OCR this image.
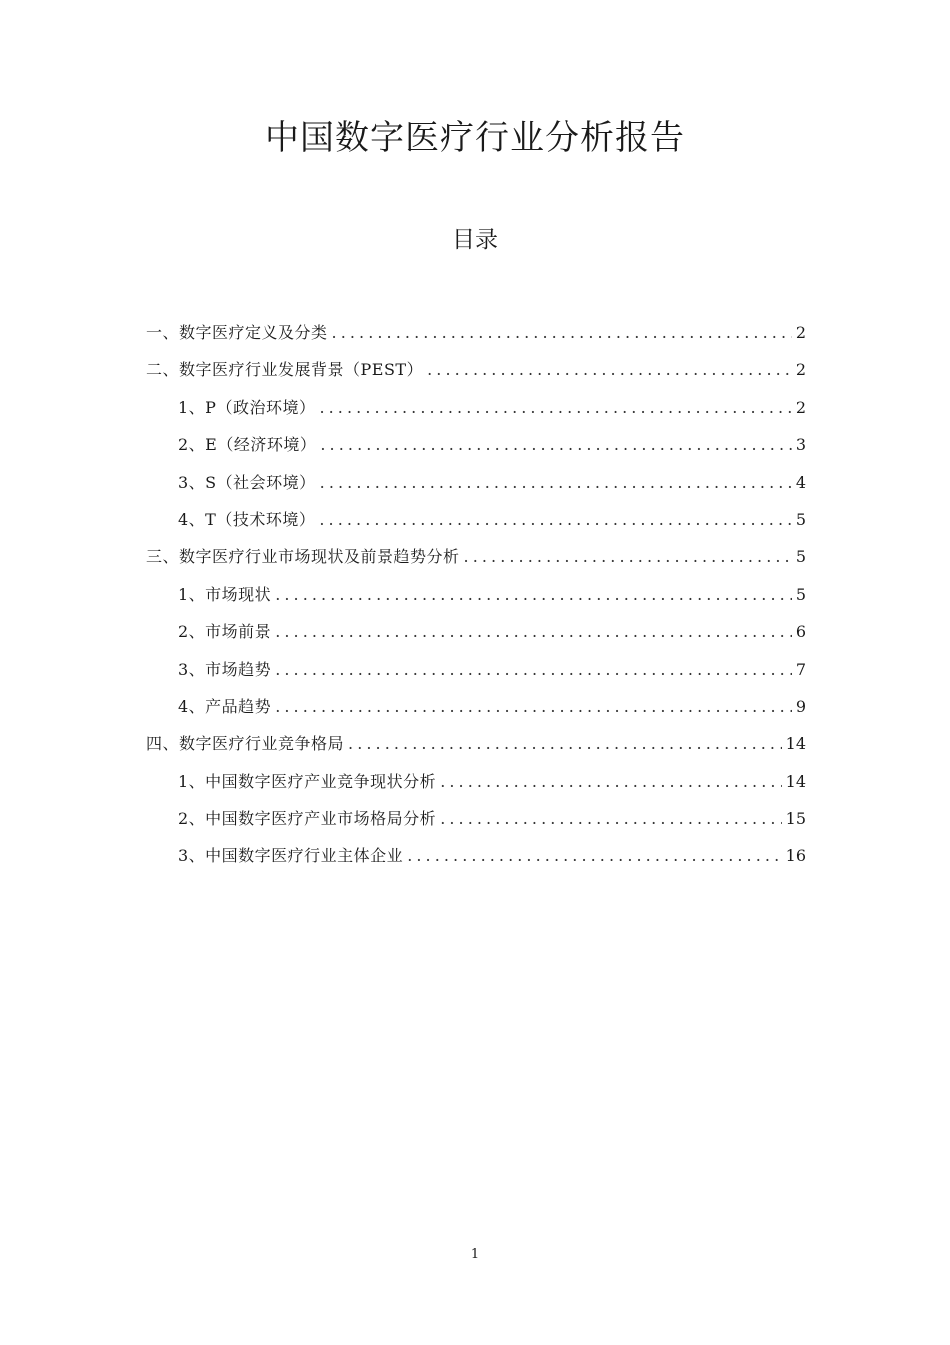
中国数字医疗行业分析报告
目录
一、数字医疗定义及分类 . . .	2
二、数字医疗行业发展背景（PEST） . . .	2
1、P（政治环境） . . .	2
2、E（经济环境） . . .	3
3、S（社会环境） . . .	4
4、T（技术环境） . . .	5
三、数字医疗行业市场现状及前景趋势分析 . . .	5
1、市场现状 . . .	5
2、市场前景 . . .	6
3、市场趋势 . . .	7
4、产品趋势 . . .	9
四、数字医疗行业竞争格局 . . .	14
1、中国数字医疗产业竞争现状分析 . . .	14
2、中国数字医疗产业市场格局分析 . . .	15
3、中国数字医疗行业主体企业 . . .	16
1
